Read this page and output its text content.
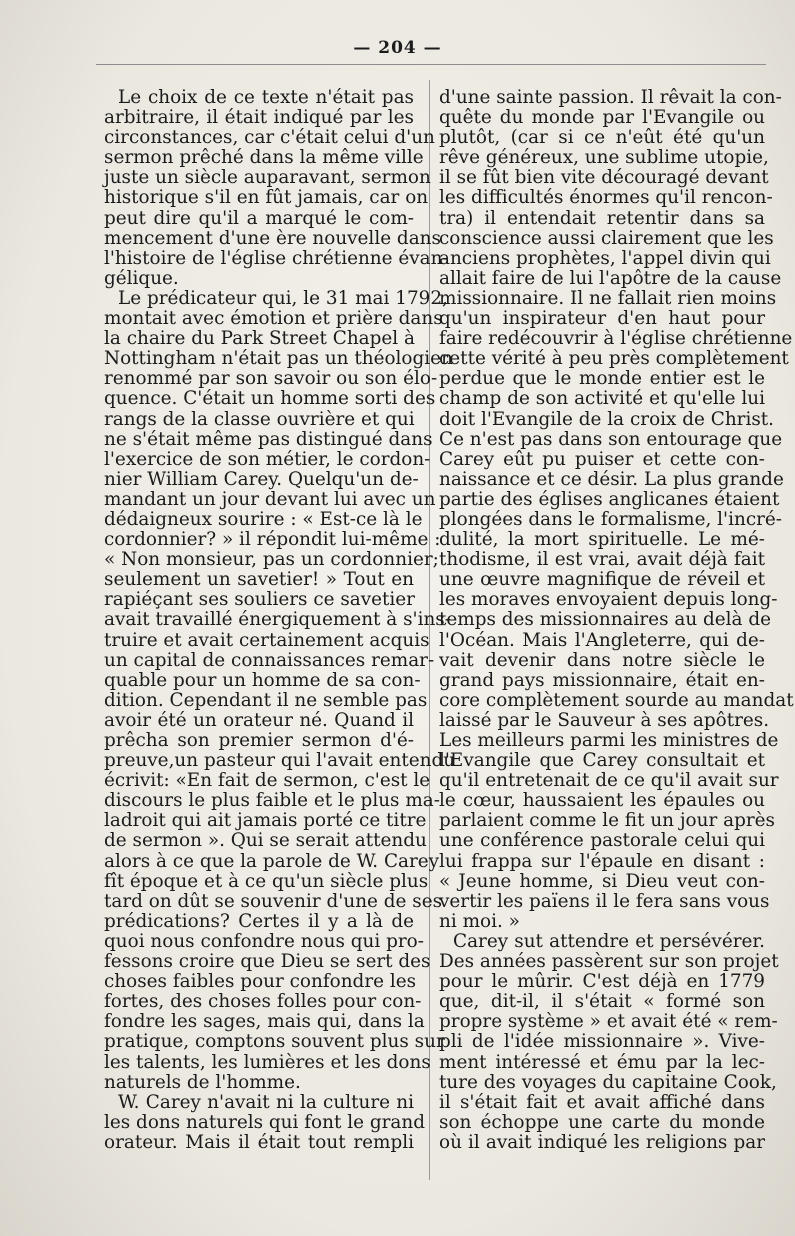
— 204 —
Le choix de ce texte n'était pas
arbitraire, il était indiqué par les
circonstances, car c'était celui d'un
sermon prêché dans la même ville
juste un siècle auparavant, sermon
historique s'il en fût jamais, car on
peut dire qu'il a marqué le com-
mencement d'une ère nouvelle dans
l'histoire de l'église chrétienne évan-
gélique.
Le prédicateur qui, le 31 mai 1792,
montait avec émotion et prière dans
la chaire du Park Street Chapel à
Nottingham n'était pas un théologien
renommé par son savoir ou son élo-
quence. C'était un homme sorti des
rangs de la classe ouvrière et qui
ne s'était même pas distingué dans
l'exercice de son métier, le cordon-
nier William Carey. Quelqu'un de-
mandant un jour devant lui avec un
dédaigneux sourire : « Est-ce là le
cordonnier? » il répondit lui-même :
« Non monsieur, pas un cordonnier;
seulement un savetier! » Tout en
rapiéçant ses souliers ce savetier
avait travaillé énergiquement à s'ins-
truire et avait certainement acquis
un capital de connaissances remar-
quable pour un homme de sa con-
dition. Cependant il ne semble pas
avoir été un orateur né. Quand il
prêcha son premier sermon d'é-
preuve,un pasteur qui l'avait entendu
écrivit: «En fait de sermon, c'est le
discours le plus faible et le plus ma-
ladroit qui ait jamais porté ce titre
de sermon ». Qui se serait attendu
alors à ce que la parole de W. Carey
fît époque et à ce qu'un siècle plus
tard on dût se souvenir d'une de ses
prédications? Certes il y a là de
quoi nous confondre nous qui pro-
fessons croire que Dieu se sert des
choses faibles pour confondre les
fortes, des choses folles pour con-
fondre les sages, mais qui, dans la
pratique, comptons souvent plus sur
les talents, les lumières et les dons
naturels de l'homme.
W. Carey n'avait ni la culture ni
les dons naturels qui font le grand
orateur. Mais il était tout rempli
d'une sainte passion. Il rêvait la con-
quête du monde par l'Evangile ou
plutôt, (car si ce n'eût été qu'un
rêve généreux, une sublime utopie,
il se fût bien vite découragé devant
les difficultés énormes qu'il rencon-
tra) il entendait retentir dans sa
conscience aussi clairement que les
anciens prophètes, l'appel divin qui
allait faire de lui l'apôtre de la cause
missionnaire. Il ne fallait rien moins
qu'un inspirateur d'en haut pour
faire redécouvrir à l'église chrétienne
cette vérité à peu près complètement
perdue que le monde entier est le
champ de son activité et qu'elle lui
doit l'Evangile de la croix de Christ.
Ce n'est pas dans son entourage que
Carey eût pu puiser et cette con-
naissance et ce désir. La plus grande
partie des églises anglicanes étaient
plongées dans le formalisme, l'incré-
dulité, la mort spirituelle. Le mé-
thodisme, il est vrai, avait déjà fait
une œuvre magnifique de réveil et
les moraves envoyaient depuis long-
temps des missionnaires au delà de
l'Océan. Mais l'Angleterre, qui de-
vait devenir dans notre siècle le
grand pays missionnaire, était en-
core complètement sourde au mandat
laissé par le Sauveur à ses apôtres.
Les meilleurs parmi les ministres de
l'Evangile que Carey consultait et
qu'il entretenait de ce qu'il avait sur
le cœur, haussaient les épaules ou
parlaient comme le fit un jour après
une conférence pastorale celui qui
lui frappa sur l'épaule en disant :
« Jeune homme, si Dieu veut con-
vertir les païens il le fera sans vous
ni moi. »
Carey sut attendre et persévérer.
Des années passèrent sur son projet
pour le mûrir. C'est déjà en 1779
que, dit-il, il s'était « formé son
propre système » et avait été « rem-
pli de l'idée missionnaire ». Vive-
ment intéressé et ému par la lec-
ture des voyages du capitaine Cook,
il s'était fait et avait affiché dans
son échoppe une carte du monde
où il avait indiqué les religions par
